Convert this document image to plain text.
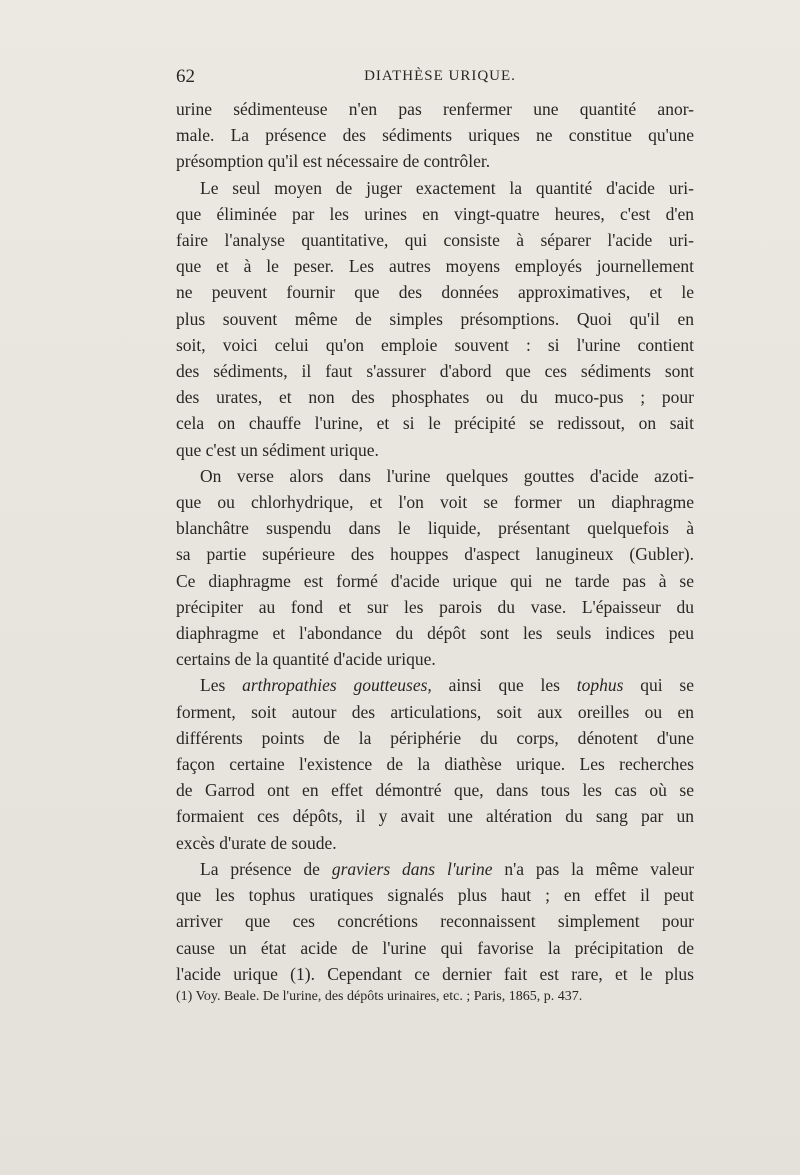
62	DIATHÈSE URIQUE.
urine sédimenteuse n'en pas renfermer une quantité anor-
male. La présence des sédiments uriques ne constitue qu'une
présomption qu'il est nécessaire de contrôler.
Le seul moyen de juger exactement la quantité d'acide uri-
que éliminée par les urines en vingt-quatre heures, c'est d'en
faire l'analyse quantitative, qui consiste à séparer l'acide uri-
que et à le peser. Les autres moyens employés journellement
ne peuvent fournir que des données approximatives, et le
plus souvent même de simples présomptions. Quoi qu'il en
soit, voici celui qu'on emploie souvent : si l'urine contient
des sédiments, il faut s'assurer d'abord que ces sédiments sont
des urates, et non des phosphates ou du muco-pus ; pour
cela on chauffe l'urine, et si le précipité se redissout, on sait
que c'est un sédiment urique.
On verse alors dans l'urine quelques gouttes d'acide azoti-
que ou chlorhydrique, et l'on voit se former un diaphragme
blanchâtre suspendu dans le liquide, présentant quelquefois à
sa partie supérieure des houppes d'aspect lanugineux (Gubler).
Ce diaphragme est formé d'acide urique qui ne tarde pas à se
précipiter au fond et sur les parois du vase. L'épaisseur du
diaphragme et l'abondance du dépôt sont les seuls indices peu
certains de la quantité d'acide urique.
Les arthropathies goutteuses, ainsi que les tophus qui se
forment, soit autour des articulations, soit aux oreilles ou en
différents points de la périphérie du corps, dénotent d'une
façon certaine l'existence de la diathèse urique. Les recherches
de Garrod ont en effet démontré que, dans tous les cas où se
formaient ces dépôts, il y avait une altération du sang par un
excès d'urate de soude.
La présence de graviers dans l'urine n'a pas la même valeur
que les tophus uratiques signalés plus haut ; en effet il peut
arriver que ces concrétions reconnaissent simplement pour
cause un état acide de l'urine qui favorise la précipitation de
l'acide urique (1). Cependant ce dernier fait est rare, et le plus
(1) Voy. Beale. De l'urine, des dépôts urinaires, etc. ; Paris, 1865, p. 437.
